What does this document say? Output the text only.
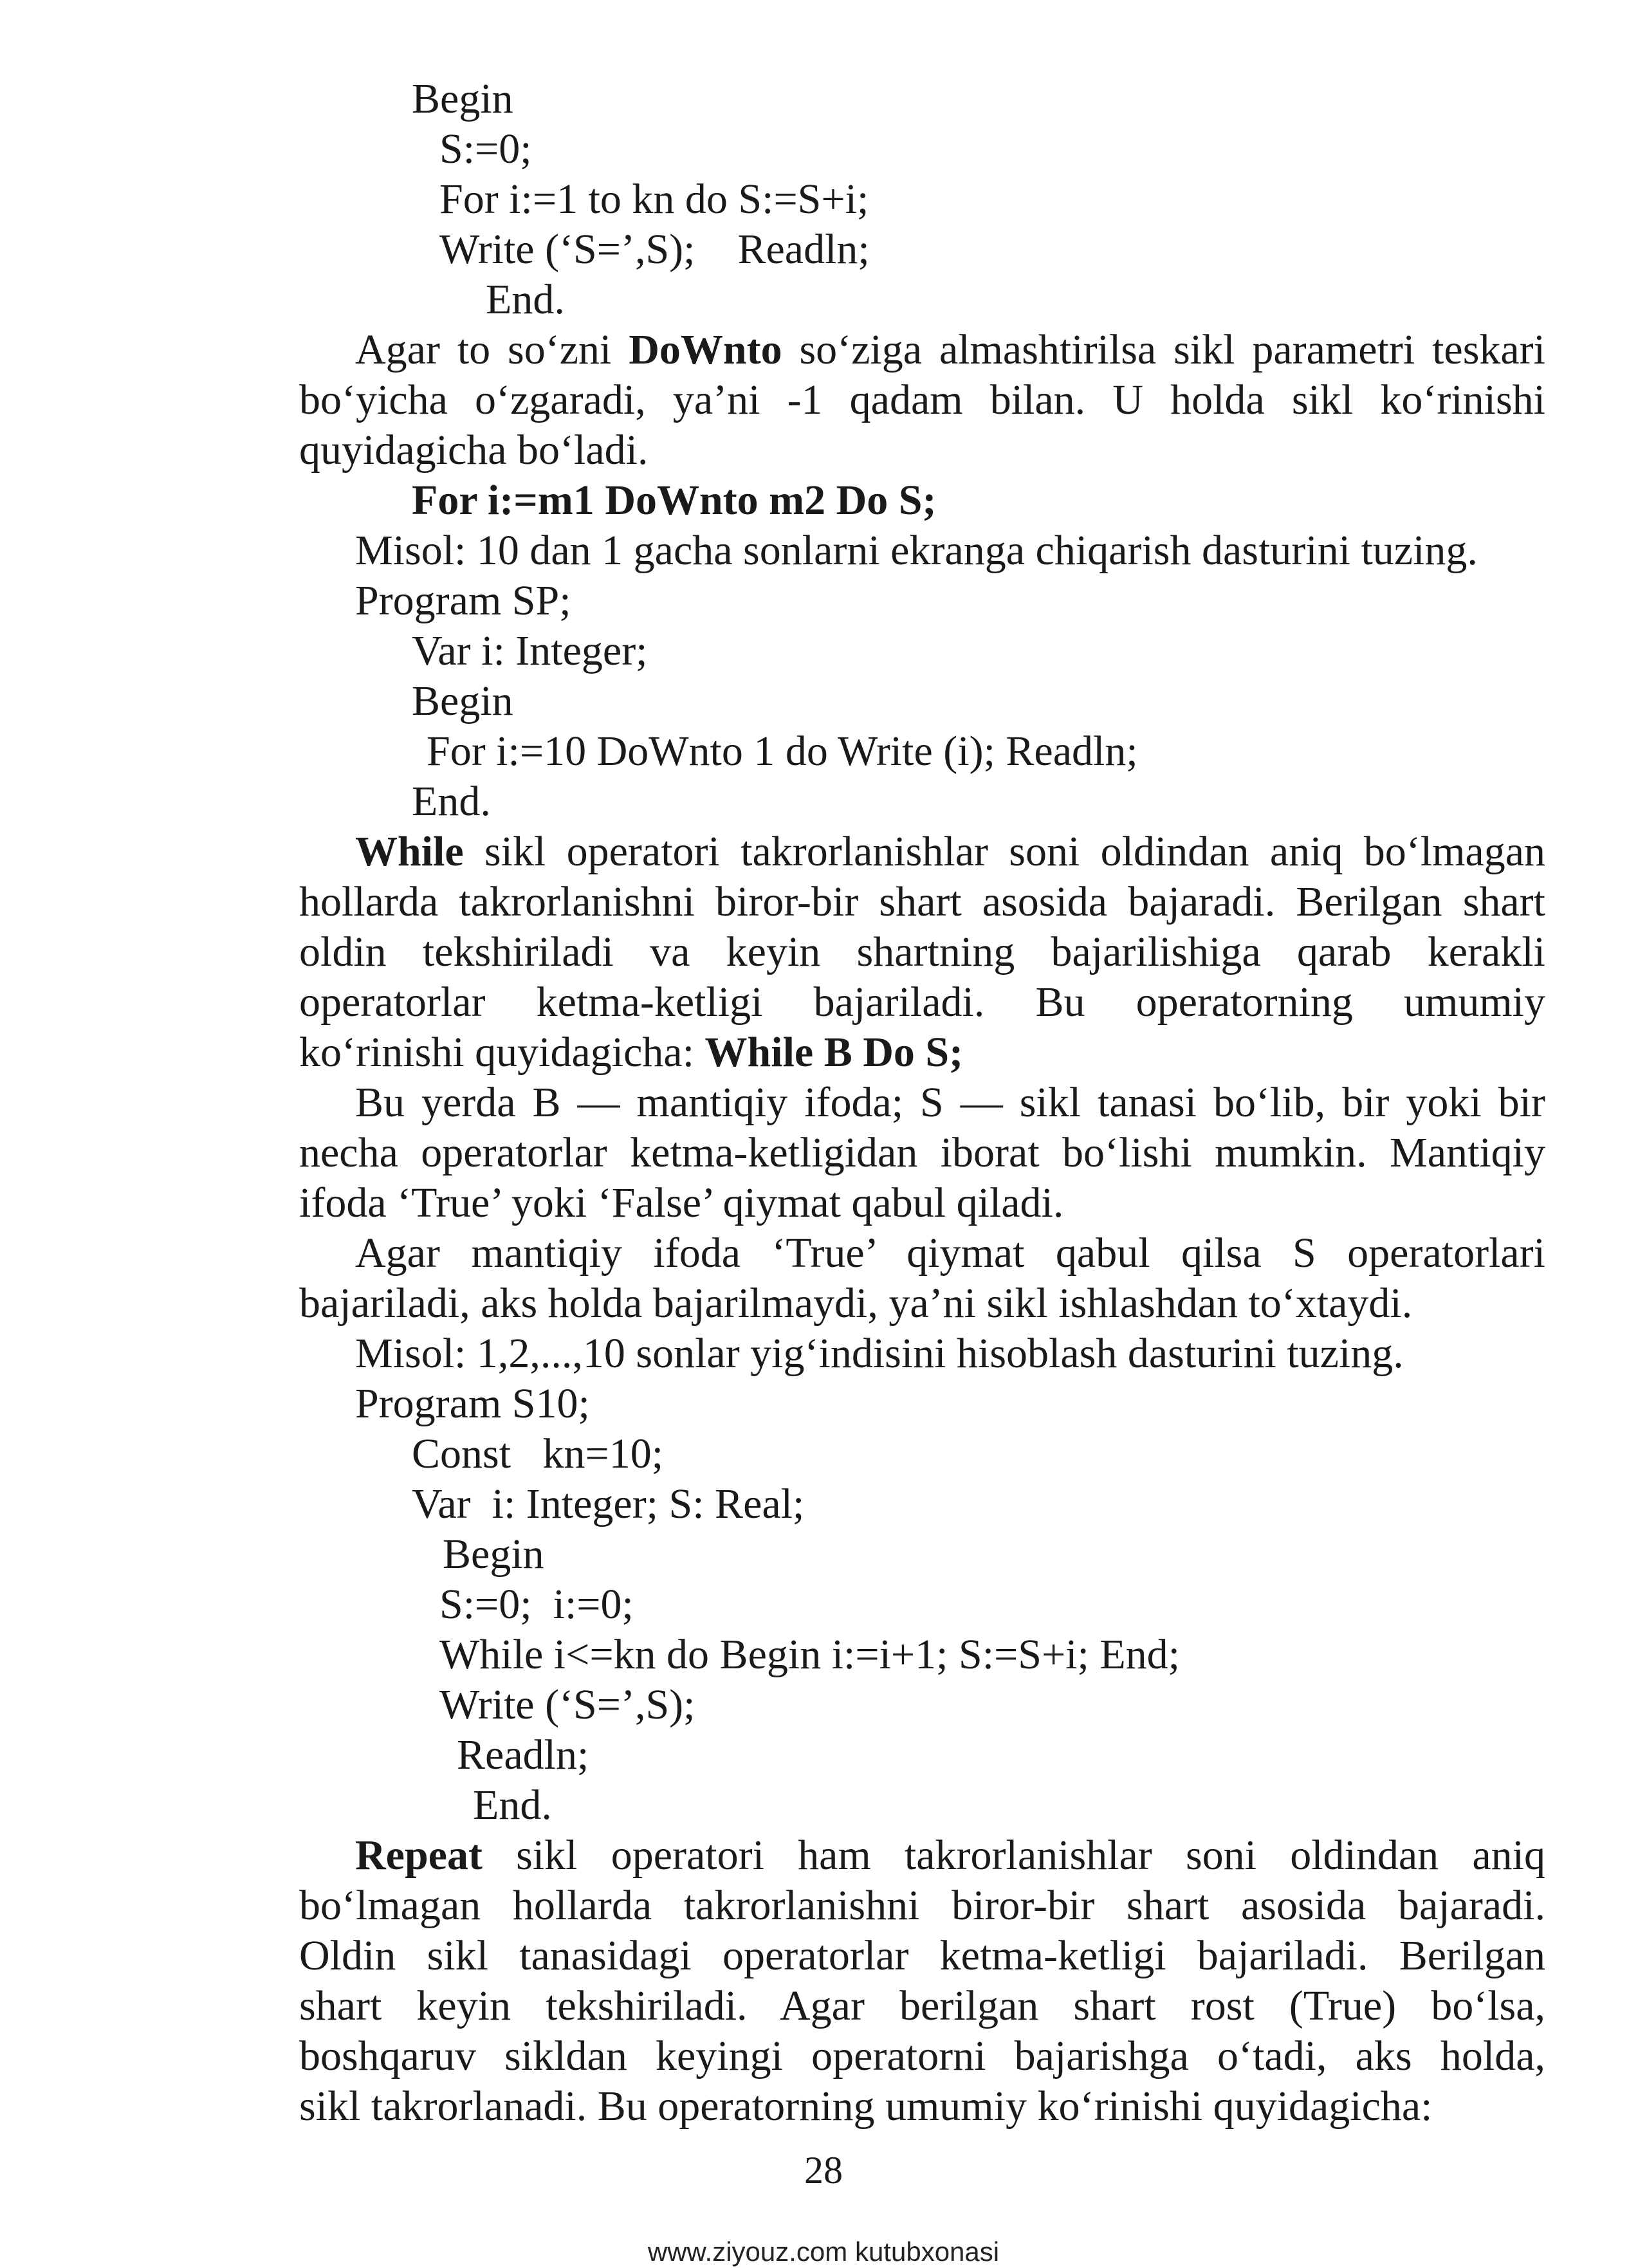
Begin
S:=0;
For i:=1 to kn do S:=S+i;
Write (‘S=’,S);    Readln;
End.
Agar to so‘zni DoWnto so‘ziga almashtirilsa sikl parametri teskari
bo‘yicha o‘zgaradi, ya’ni -1 qadam bilan. U holda sikl ko‘rinishi
quyidagicha bo‘ladi.
For i:=m1 DoWnto m2 Do S;
Misol: 10 dan 1 gacha sonlarni ekranga chiqarish dasturini tuzing.
Program SP;
Var i: Integer;
Begin
For i:=10 DoWnto 1 do Write (i); Readln;
End.
While sikl operatori takrorlanishlar soni oldindan aniq bo‘lmagan
hollarda takrorlanishni biror-bir shart asosida bajaradi. Berilgan shart
oldin tekshiriladi va keyin shartning bajarilishiga qarab kerakli
operatorlar ketma-ketligi bajariladi. Bu operatorning umumiy
ko‘rinishi quyidagicha: While B Do S;
Bu yerda B — mantiqiy ifoda; S — sikl tanasi bo‘lib, bir yoki bir
necha operatorlar ketma-ketligidan iborat bo‘lishi mumkin. Mantiqiy
ifoda ‘True’ yoki ‘False’ qiymat qabul qiladi.
Agar mantiqiy ifoda ‘True’ qiymat qabul qilsa S operatorlari
bajariladi, aks holda bajarilmaydi, ya’ni sikl ishlashdan to‘xtaydi.
Misol: 1,2,...,10 sonlar yig‘indisini hisoblash dasturini tuzing.
Program S10;
Const   kn=10;
Var  i: Integer; S: Real;
Begin
S:=0;  i:=0;
While i<=kn do Begin i:=i+1; S:=S+i; End;
Write (‘S=’,S);
Readln;
End.
Repeat sikl operatori ham takrorlanishlar soni oldindan aniq
bo‘lmagan hollarda takrorlanishni biror-bir shart asosida bajaradi.
Oldin sikl tanasidagi operatorlar ketma-ketligi bajariladi. Berilgan
shart keyin tekshiriladi. Agar berilgan shart rost (True) bo‘lsa,
boshqaruv sikldan keyingi operatorni bajarishga o‘tadi, aks holda,
sikl takrorlanadi. Bu operatorning umumiy ko‘rinishi quyidagicha:
28
www.ziyouz.com kutubxonasi
